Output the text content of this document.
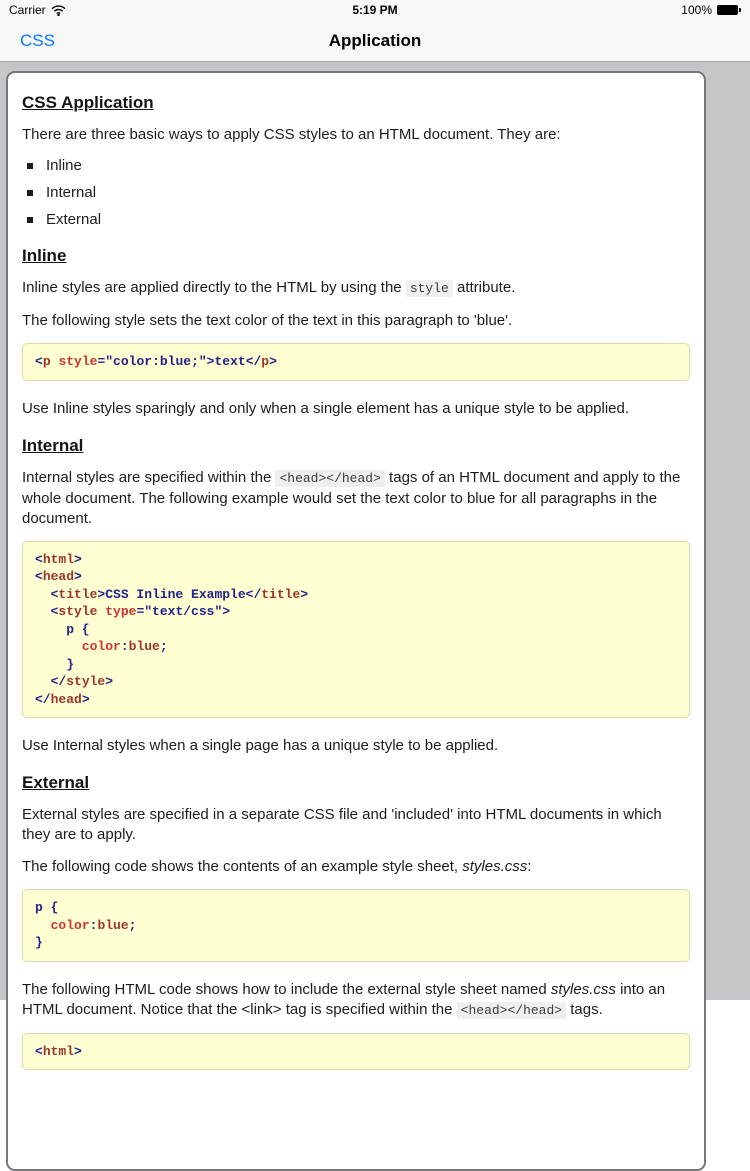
Carrier	5:19 PM	100%
Application
CSS
CSS Application

There are three basic ways to apply CSS styles to an HTML document. They are:

Inline
Internal
External
Inline

Inline styles are applied directly to the HTML by using the style attribute.

The following style sets the text color of the text in this paragraph to 'blue'.

<p style="color:blue;">text</p>

Use Inline styles sparingly and only when a single element has a unique style to be applied.

Internal

Internal styles are specified within the <head></head> tags of an HTML document and apply to the whole document. The following example would set the text color to blue for all paragraphs in the document.

<html>
<head>
<title>CSS Inline Example</title>
<style type="text/css">
p {
color:blue;
}
</style>
</head>

Use Internal styles when a single page has a unique style to be applied.

External

External styles are specified in a separate CSS file and 'included' into HTML documents in which they are to apply.

The following code shows the contents of an example style sheet, styles.css:

p {
color:blue;
}

The following HTML code shows how to include the external style sheet named styles.css into an HTML document. Notice that the <link> tag is specified within the <head></head> tags.

<html>
